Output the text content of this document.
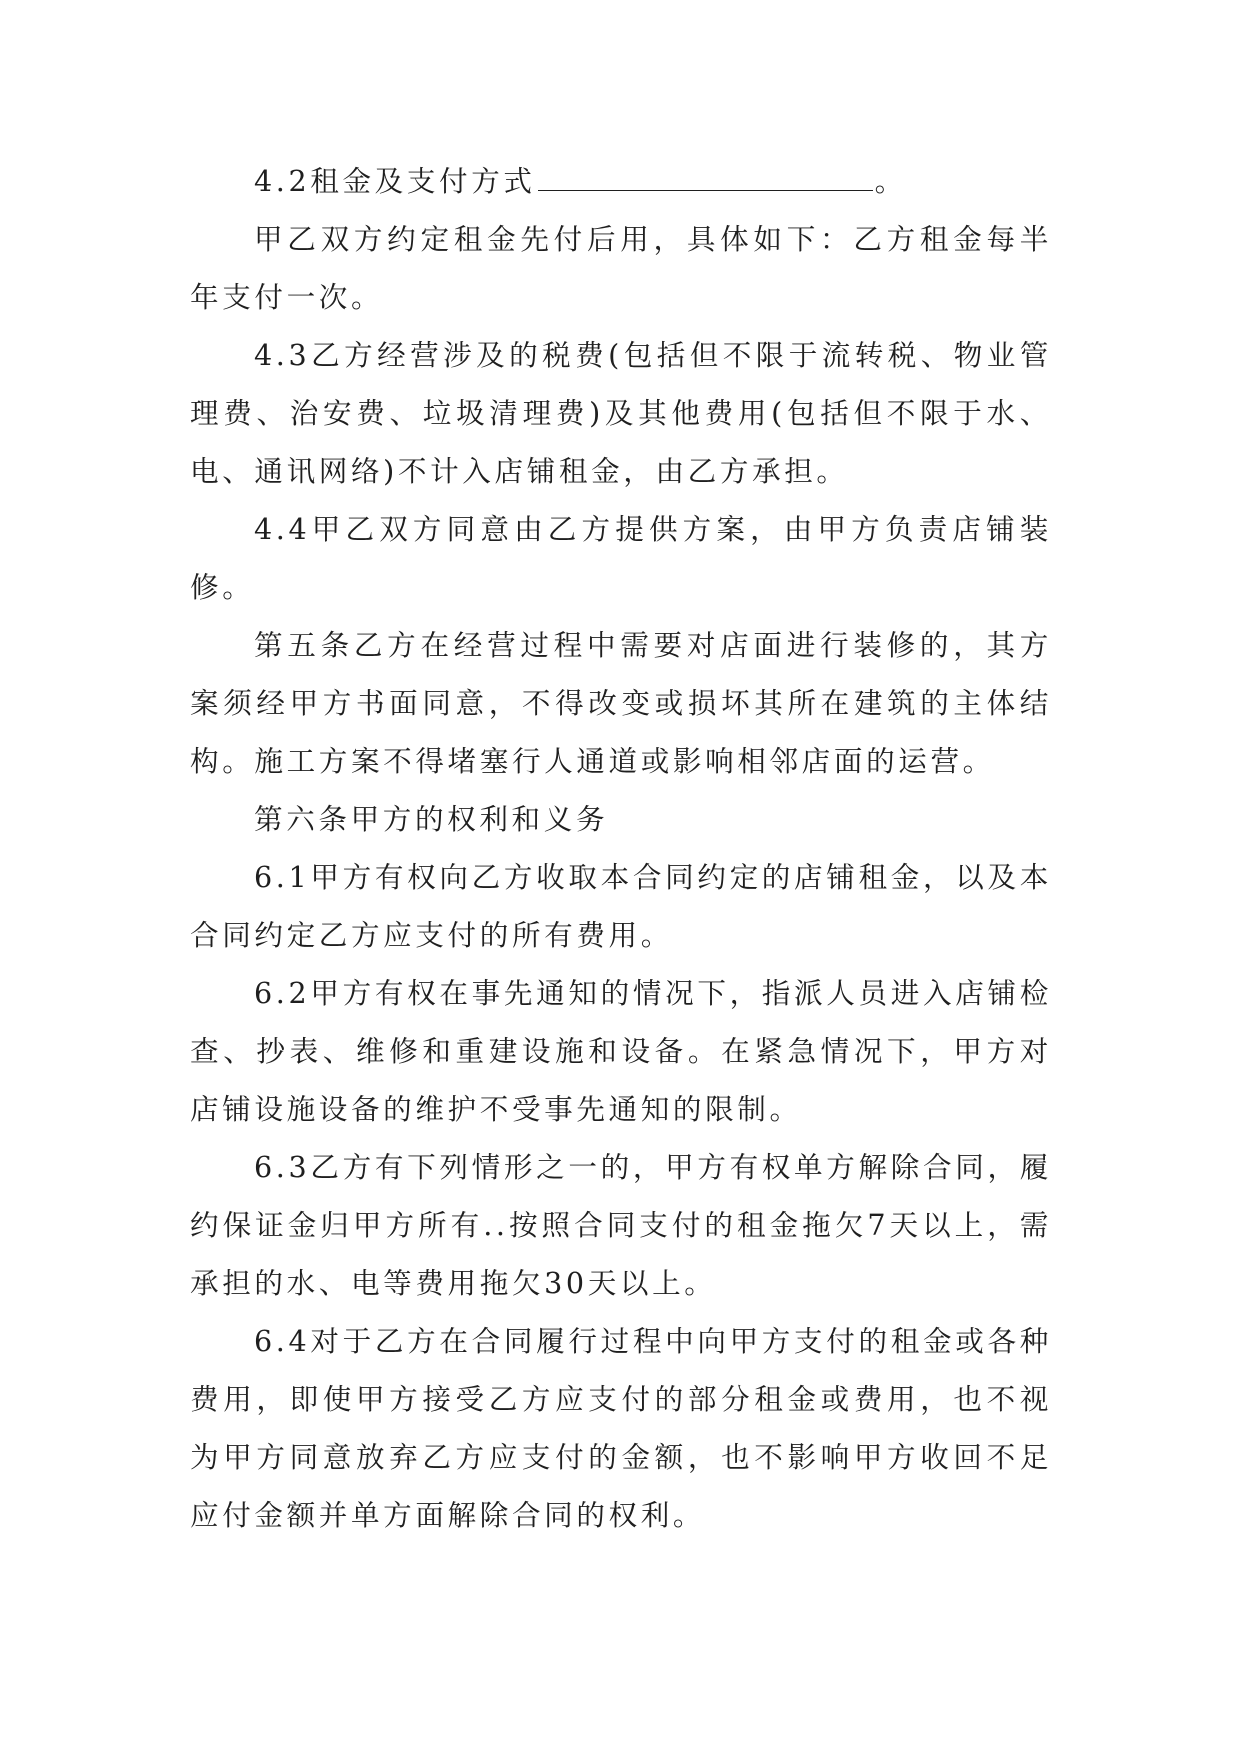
4.2租金及支付方式	。

甲乙双方约定租金先付后用，具体如下：乙方租金每半年支付一次。

4.3乙方经营涉及的税费(包括但不限于流转税、物业管理费、治安费、垃圾清理费)及其他费用(包括但不限于水、电、通讯网络)不计入店铺租金，由乙方承担。

4.4甲乙双方同意由乙方提供方案，由甲方负责店铺装修。

第五条乙方在经营过程中需要对店面进行装修的，其方案须经甲方书面同意，不得改变或损坏其所在建筑的主体结构。施工方案不得堵塞行人通道或影响相邻店面的运营。

第六条甲方的权利和义务

6.1甲方有权向乙方收取本合同约定的店铺租金，以及本合同约定乙方应支付的所有费用。

6.2甲方有权在事先通知的情况下，指派人员进入店铺检查、抄表、维修和重建设施和设备。在紧急情况下，甲方对店铺设施设备的维护不受事先通知的限制。

6.3乙方有下列情形之一的，甲方有权单方解除合同，履约保证金归甲方所有..按照合同支付的租金拖欠7天以上，需承担的水、电等费用拖欠30天以上。

6.4对于乙方在合同履行过程中向甲方支付的租金或各种费用，即使甲方接受乙方应支付的部分租金或费用，也不视为甲方同意放弃乙方应支付的金额，也不影响甲方收回不足应付金额并单方面解除合同的权利。
